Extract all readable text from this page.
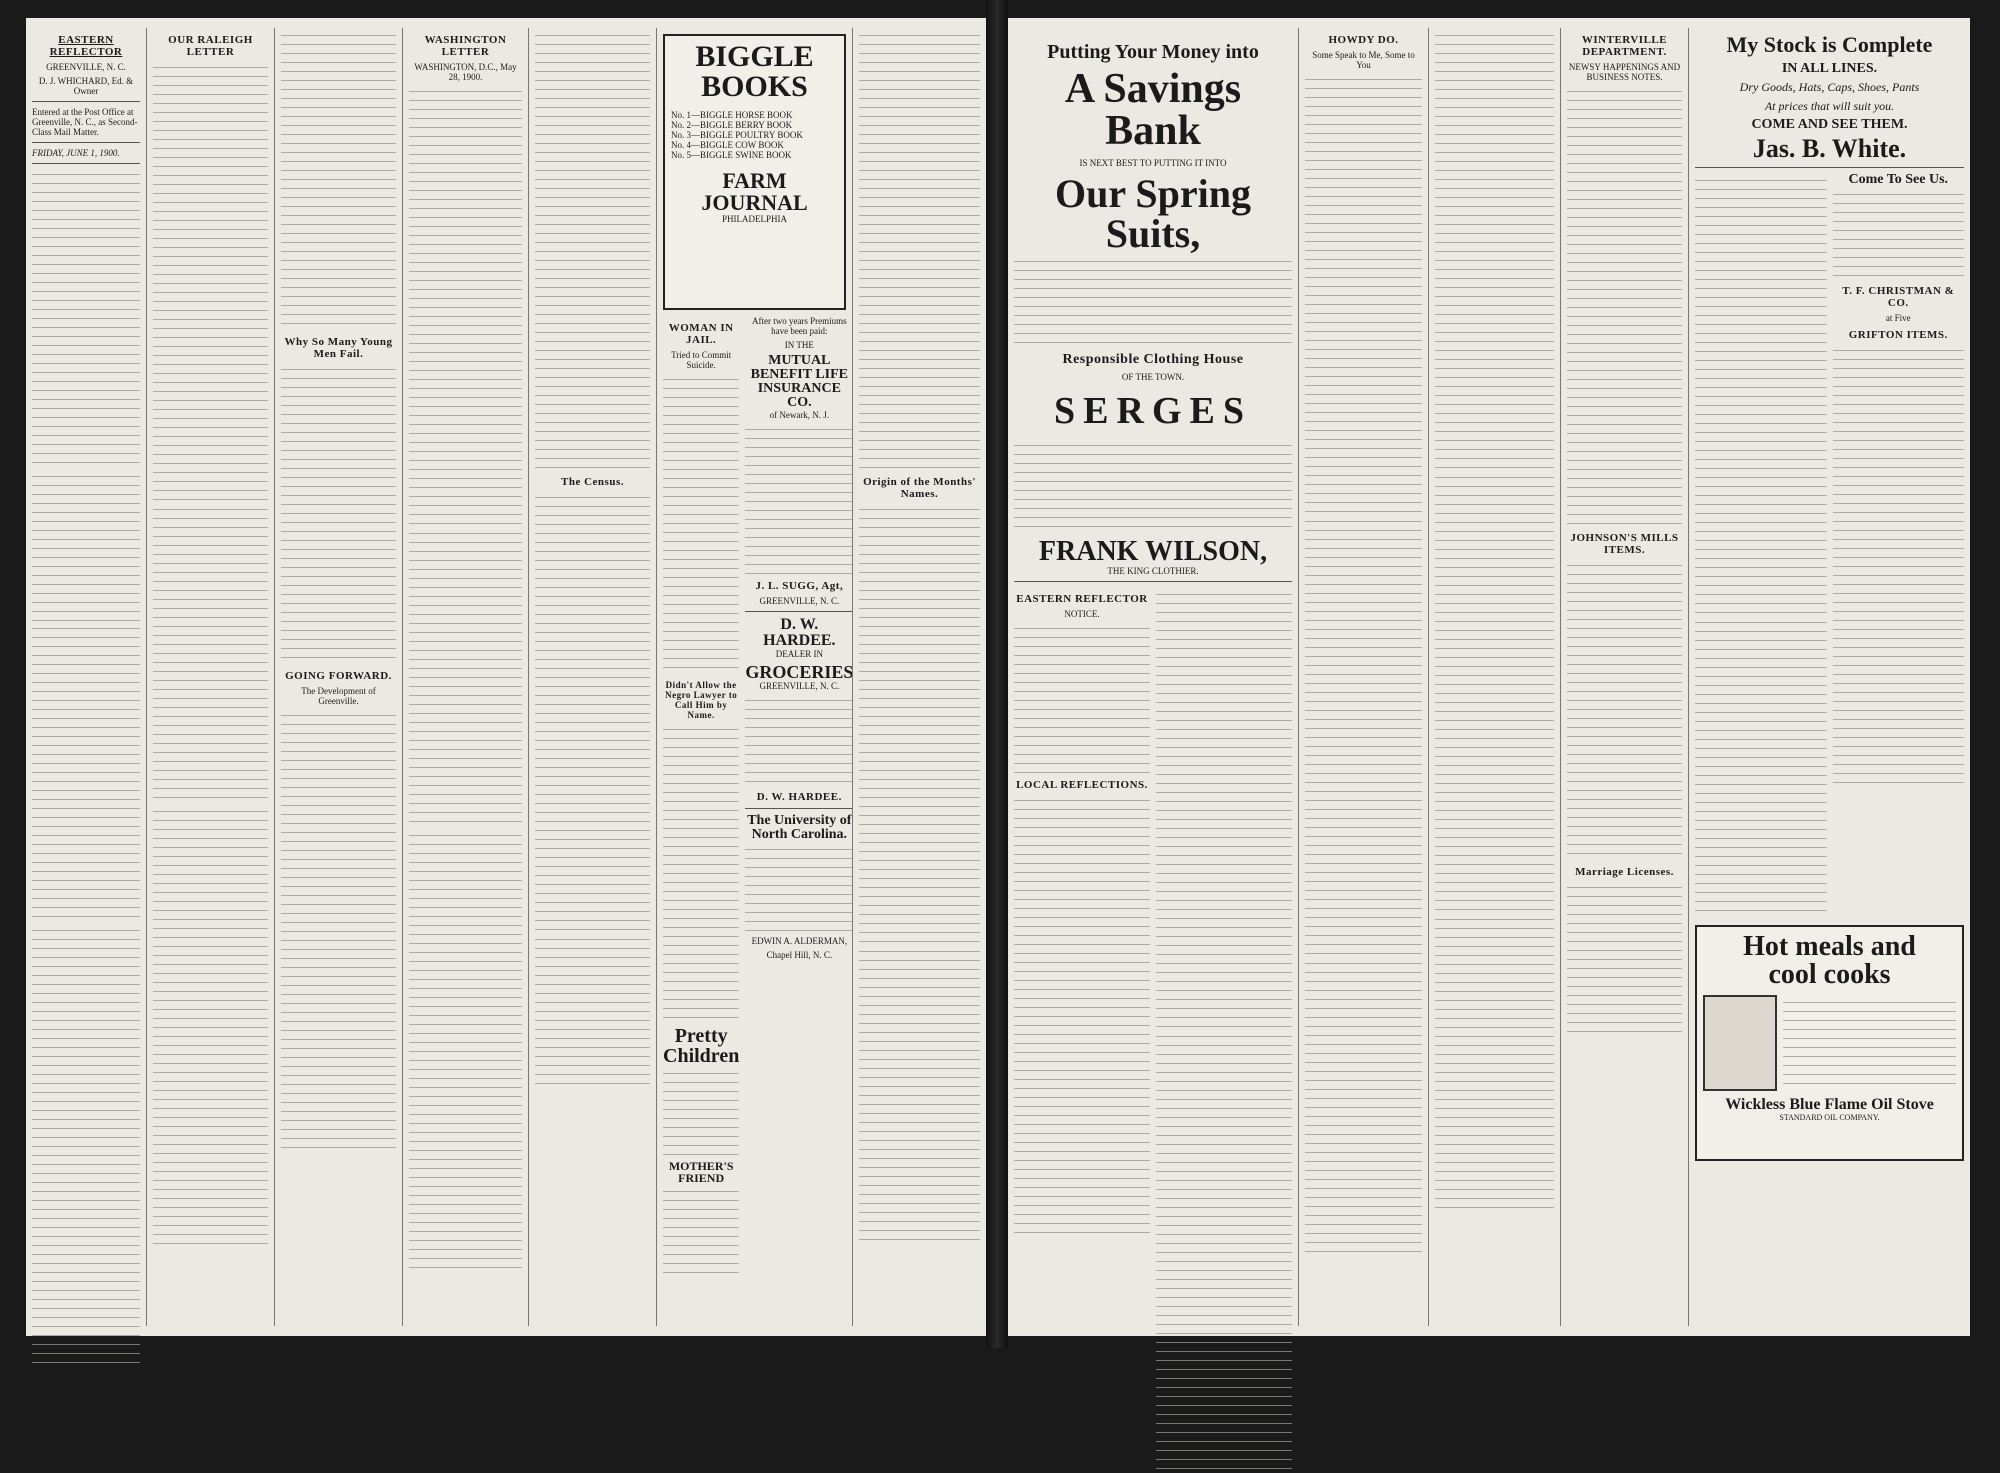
EASTERN REFLECTOR
GREENVILLE, N. C.
D. J. WHICHARD, Ed. & Owner
Entered at the Post Office at Greenville, N. C., as Second-Class Mail Matter.
FRIDAY, JUNE 1, 1900.
OUR RALEIGH LETTER
Why So Many Young Men Fail.
GOING FORWARD.
The Development of Greenville.
WASHINGTON LETTER
WASHINGTON, D.C., May 28, 1900.
The Census.
BIGGLE BOOKS
No. 1—BIGGLE HORSE BOOK
No. 2—BIGGLE BERRY BOOK
No. 3—BIGGLE POULTRY BOOK
No. 4—BIGGLE COW BOOK
No. 5—BIGGLE SWINE BOOK
FARM JOURNAL
PHILADELPHIA
WOMAN IN JAIL.
Tried to Commit Suicide.
Didn't Allow the Negro Lawyer to Call Him by Name.
Pretty Children
MOTHER'S FRIEND
After two years Premiums have been paid:
IN THE
MUTUAL BENEFIT LIFE INSURANCE CO.
of Newark, N. J.
J. L. SUGG, Agt,
GREENVILLE, N. C.
D. W. HARDEE.
DEALER IN
GROCERIES
GREENVILLE, N. C.
D. W. HARDEE.
The University of North Carolina.
EDWIN A. ALDERMAN,
Chapel Hill, N. C.
Origin of the Months' Names.
Putting Your Money into
A Savings Bank
IS NEXT BEST TO PUTTING IT INTO
Our Spring Suits,
Responsible Clothing House
OF THE TOWN.
SERGES
FRANK WILSON,
THE KING CLOTHIER.
EASTERN REFLECTOR
NOTICE.
LOCAL REFLECTIONS.
HOWDY DO.
Some Speak to Me, Some to You
WINTERVILLE DEPARTMENT.
NEWSY HAPPENINGS AND BUSINESS NOTES.
JOHNSON'S MILLS ITEMS.
Marriage Licenses.
My Stock is Complete
IN ALL LINES.
Dry Goods, Hats, Caps, Shoes, Pants
At prices that will suit you.
COME AND SEE THEM.
Jas. B. White.
Come To See Us.
T. F. CHRISTMAN & CO.
at Five
GRIFTON ITEMS.
Hot meals and
cool cooks
Wickless Blue Flame Oil Stove
STANDARD OIL COMPANY.
